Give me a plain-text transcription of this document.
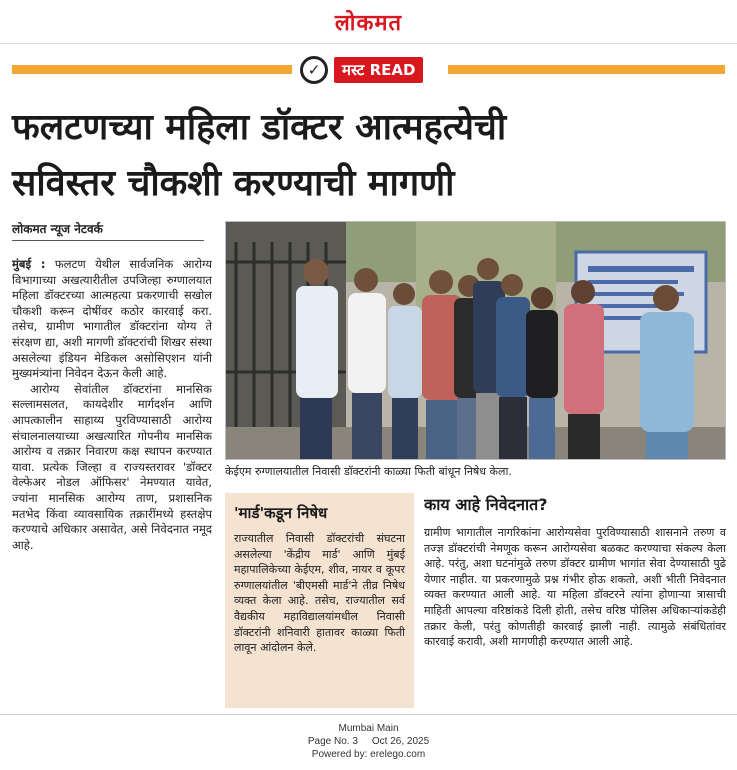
लोकमत
✓	मस्ट READ
फलटणच्या महिला डॉक्टर आत्महत्येची
सविस्तर चौकशी करण्याची मागणी
लोकमत न्यूज नेटवर्क

मुंबई : फलटण येथील सार्वजनिक आरोग्य विभागाच्या अखत्यारीतील उपजिल्हा रुग्णालयात महिला डॉक्टरच्या आत्महत्या प्रकरणाची सखोल चौकशी करून दोषींवर कठोर कारवाई करा. तसेच, ग्रामीण भागातील डॉक्टरांना योग्य ते संरक्षण द्या, अशी मागणी डॉक्टरांची शिखर संस्था असलेल्या इंडियन मेडिकल असोसिएशन यांनी मुख्यमंत्र्यांना निवेदन देऊन केली आहे.

आरोग्य सेवांतील डॉक्टरांना मानसिक सल्लामसलत, कायदेशीर मार्गदर्शन आणि आपत्कालीन साहाय्य पुरविण्यासाठी आरोग्य संचालनालयाच्या अखत्यारित गोपनीय मानसिक आरोग्य व तक्रार निवारण कक्ष स्थापन करण्यात यावा. प्रत्येक जिल्हा व राज्यस्तरावर 'डॉक्टर वेल्फेअर नोडल ऑफिसर' नेमण्यात यावेत, ज्यांना मानसिक आरोग्य ताण, प्रशासनिक मतभेद किंवा व्यावसायिक तक्रारींमध्ये हस्तक्षेप करण्याचे अधिकार असावेत, असे निवेदनात नमूद आहे.

केईएम रुग्णालयातील निवासी डॉक्टरांनी काळ्या फिती बांधून निषेध केला.
'मार्ड'कडून निषेध
राज्यातील निवासी डॉक्टरांची संघटना असलेल्या 'केंद्रीय मार्ड' आणि मुंबई महापालिकेच्या केईएम, शीव, नायर व कूपर रुग्णालयांतील 'बीएमसी मार्ड'ने तीव्र निषेध व्यक्त केला आहे. तसेच, राज्यातील सर्व वैद्यकीय महाविद्यालयांमधील निवासी डॉक्टरांनी शनिवारी हातावर काळ्या फिती लावून आंदोलन केले.
काय आहे निवेदनात?
ग्रामीण भागातील नागरिकांना आरोग्यसेवा पुरविण्यासाठी शासनाने तरुण व तज्ज्ञ डॉक्टरांची नेमणूक करून आरोग्यसेवा बळकट करण्याचा संकल्प केला आहे. परंतु, अशा घटनांमुळे तरुण डॉक्टर ग्रामीण भागांत सेवा देण्यासाठी पुढे येणार नाहीत. या प्रकरणामुळे प्रश्न गंभीर होऊ शकतो, अशी भीती निवेदनात व्यक्त करण्यात आली आहे. या महिला डॉक्टरने त्यांना होणाऱ्या त्रासाची माहिती आपल्या वरिष्ठांकडे दिली होती, तसेच वरिष्ठ पोलिस अधिकाऱ्यांकडेही तक्रार केली, परंतु कोणतीही कारवाई झाली नाही. त्यामुळे संबंधितांवर कारवाई करावी, अशी मागणीही करण्यात आली आहे.
Mumbai Main
Page No. 3 Oct 26, 2025
Powered by: erelego.com
